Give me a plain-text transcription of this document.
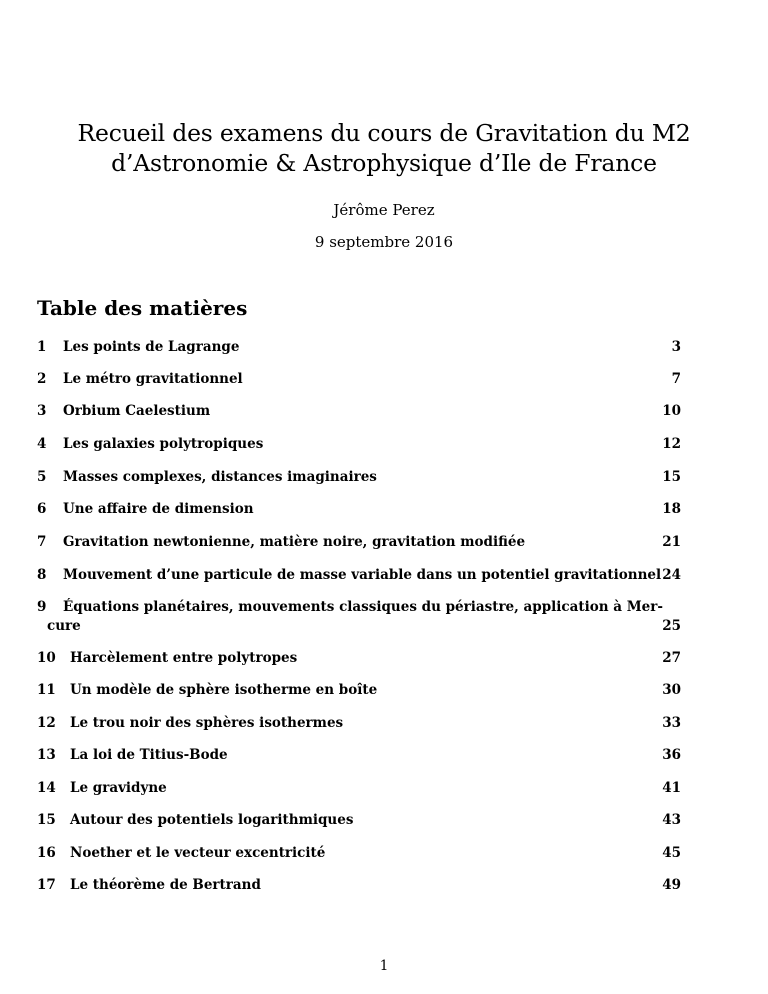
Recueil des examens du cours de Gravitation du M2
d’Astronomie & Astrophysique d’Ile de France
Jérôme Perez
9 septembre 2016
Table des matières
1 Les points de Lagrange	3
2 Le métro gravitationnel	7
3 Orbium Caelestium	10
4 Les galaxies polytropiques	12
5 Masses complexes, distances imaginaires	15
6 Une affaire de dimension	18
7 Gravitation newtonienne, matière noire, gravitation modifiée	21
8 Mouvement d’une particule de masse variable dans un potentiel gravitationnel 24
9 Équations planétaires, mouvements classiques du périastre, application à Mer-
cure	25
10 Harcèlement entre polytropes	27
11 Un modèle de sphère isotherme en boîte	30
12 Le trou noir des sphères isothermes	33
13 La loi de Titius-Bode	36
14 Le gravidyne	41
15 Autour des potentiels logarithmiques	43
16 Noether et le vecteur excentricité	45
17 Le théorème de Bertrand	49
1
